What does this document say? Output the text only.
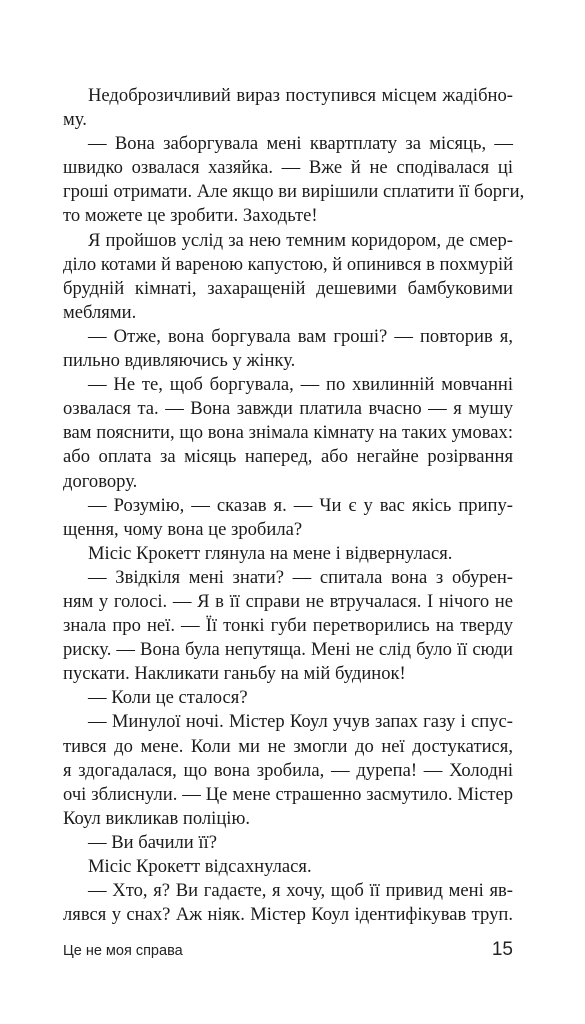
Недоброзичливий вираз поступився місцем жадібно-
му.
— Вона заборгувала мені квартплату за місяць, —
швидко озвалася хазяйка. — Вже й не сподівалася ці
гроші отримати. Але якщо ви вирішили сплатити її борги,
то можете це зробити. Заходьте!
Я пройшов услід за нею темним коридором, де смер-
діло котами й вареною капустою, й опинився в похмурій
брудній кімнаті, захаращеній дешевими бамбуковими
меблями.
— Отже, вона боргувала вам гроші? — повторив я,
пильно вдивляючись у жінку.
— Не те, щоб боргувала, — по хвилинній мовчанні
озвалася та. — Вона завжди платила вчасно — я мушу
вам пояснити, що вона знімала кімнату на таких умовах:
або оплата за місяць наперед, або негайне розірвання
договору.
— Розумію, — сказав я. — Чи є у вас якісь припу-
щення, чому вона це зробила?
Місіс Крокетт глянула на мене і відвернулася.
— Звідкіля мені знати? — спитала вона з обурен-
ням у голосі. — Я в її справи не втручалася. І нічого не
знала про неї. — Її тонкі губи перетворились на тверду
риску. — Вона була непутяща. Мені не слід було її сюди
пускати. Накликати ганьбу на мій будинок!
— Коли це сталося?
— Минулої ночі. Містер Коул учув запах газу і спус-
тився до мене. Коли ми не змогли до неї достукатися,
я здогадалася, що вона зробила, — дурепа! — Холодні
очі зблиснули. — Це мене страшенно засмутило. Містер
Коул викликав поліцію.
— Ви бачили її?
Місіс Крокетт відсахнулася.
— Хто, я? Ви гадаєте, я хочу, щоб її привид мені яв-
лявся у снах? Аж ніяк. Містер Коул ідентифікував труп.
Це не моя справа	15
